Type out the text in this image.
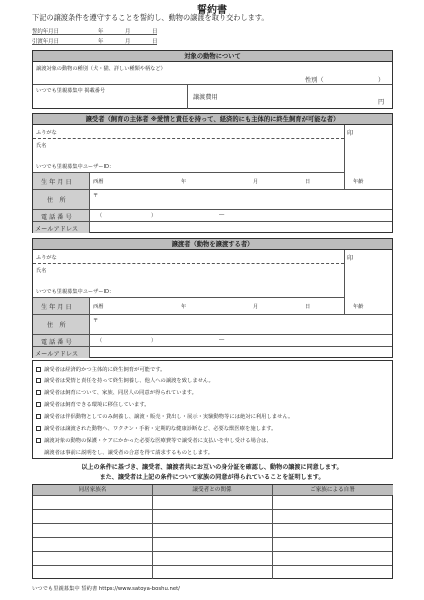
誓約書
下記の譲渡条件を遵守することを誓約し、動物の譲渡を取り交わします。
誓約年月日	年	月	日
引渡年月日	年	月	日
対象の動物について
譲渡対象の動物の種別（犬・猫、詳しい種類や柄など）
性別（	）
いつでも里親募集中 掲載番号
譲渡費用
円
譲受者（飼育の主体者 ※愛情と責任を持って、経済的にも主体的に終生飼育が可能な者）
ふりがな	印
氏名
いつでも里親募集中ユーザーID：
生 年 月 日	西暦	年	月	日	年齢
住　所
〒
電 話 番 号	（	）	―
メールアドレス
譲渡者（動物を譲渡する者）
ふりがな	印
氏名
いつでも里親募集中ユーザーID：
生 年 月 日	西暦	年	月	日	年齢
住　所
〒
電 話 番 号	（	）	―
メールアドレス
譲受者は経済的かつ主体的に終生飼育が可能です。
譲受者は愛情と責任を持って終生飼養し、他人への譲渡を致しません。
譲受者は飼育について、家族、同居人の同意が得られています。
譲受者は飼育できる環境に移住しています。
譲受者は伴侶動物としてのみ飼養し、譲渡・販売・貸出し・展示・実験動物等には絶対に利用しません。
譲受者は譲渡された動物へ、ワクチン・手術・定期的な健康診断など、必要な獣医療を施します。
譲渡対象の動物の保護・ケアにかかった必要な医療費等で譲受者に支払いを申し受ける場合は、
譲渡者は事前に説明をし、譲受者の合意を得て請求するものとします。
以上の条件に基づき、譲受者、譲渡者共にお互いの身分証を確認し、動物の譲渡に同意します。
また、譲受者は上記の条件について家族の同意が得られていることを証明します。
同居家族名	譲受者との関係	ご家族による自署
いつでも里親募集中 誓約書 https://www.satoya-boshu.net/
